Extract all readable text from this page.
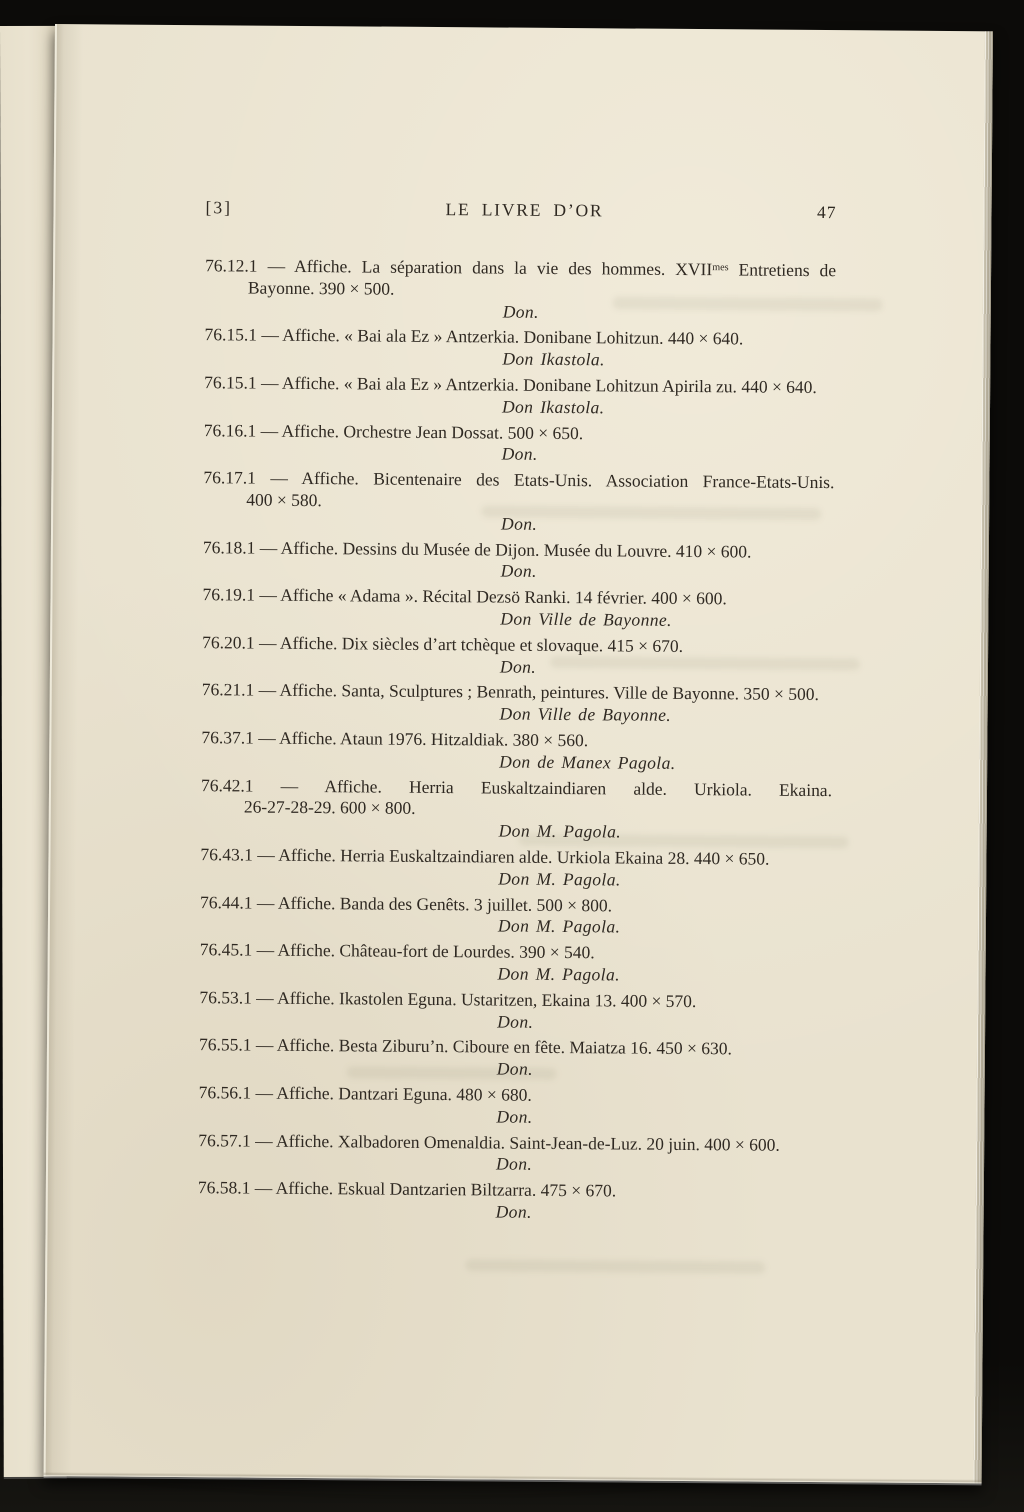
[3]	LE LIVRE D’OR	47

76.12.1 — Affiche. La séparation dans la vie des hommes. $XVII^{mes}$ Entretiens de Bayonne. 390 × 500.

Don.

76.15.1 — Affiche. « Bai ala Ez » Antzerkia. Donibane Lohitzun. 440 × 640.

Don Ikastola.

76.15.1 — Affiche. « Bai ala Ez » Antzerkia. Donibane Lohitzun Apirila zu. 440 × 640.

Don Ikastola.

76.16.1 — Affiche. Orchestre Jean Dossat. 500 × 650.

Don.

76.17.1 — Affiche. Bicentenaire des Etats-Unis. Association France-Etats-Unis. 400 × 580.

Don.

76.18.1 — Affiche. Dessins du Musée de Dijon. Musée du Louvre. 410 × 600.

Don.

76.19.1 — Affiche « Adama ». Récital Dezsö Ranki. 14 février. 400 × 600.

Don Ville de Bayonne.

76.20.1 — Affiche. Dix siècles d’art tchèque et slovaque. 415 × 670.

Don.

76.21.1 — Affiche. Santa, Sculptures ; Benrath, peintures. Ville de Bayonne. 350 × 500.

Don Ville de Bayonne.

76.37.1 — Affiche. Ataun 1976. Hitzaldiak. 380 × 560.

Don de Manex Pagola.

76.42.1 — Affiche. Herria Euskaltzaindiaren alde. Urkiola. Ekaina. 26-27-28-29. 600 × 800.

Don M. Pagola.

76.43.1 — Affiche. Herria Euskaltzaindiaren alde. Urkiola Ekaina 28. 440 × 650.

Don M. Pagola.

76.44.1 — Affiche. Banda des Genêts. 3 juillet. 500 × 800.

Don M. Pagola.

76.45.1 — Affiche. Château-fort de Lourdes. 390 × 540.

Don M. Pagola.

76.53.1 — Affiche. Ikastolen Eguna. Ustaritzen, Ekaina 13. 400 × 570.

Don.

76.55.1 — Affiche. Besta Ziburu’n. Ciboure en fête. Maiatza 16. 450 × 630.

Don.

76.56.1 — Affiche. Dantzari Eguna. 480 × 680.

Don.

76.57.1 — Affiche. Xalbadoren Omenaldia. Saint-Jean-de-Luz. 20 juin. 400 × 600.

Don.

76.58.1 — Affiche. Eskual Dantzarien Biltzarra. 475 × 670.

Don.
